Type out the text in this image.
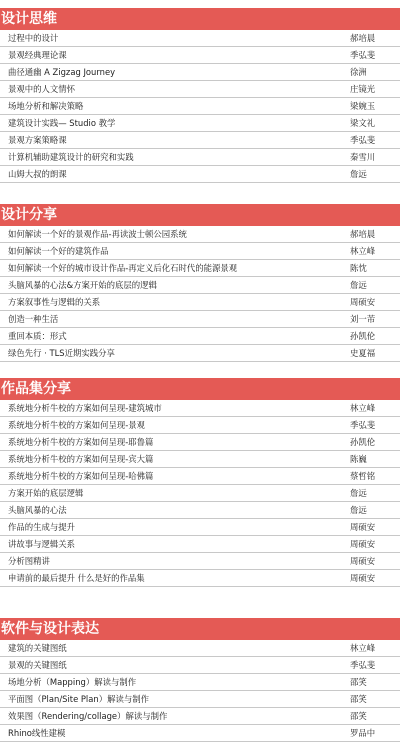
设计思维
过程中的设计	郝培晨
景观经典理论课	季弘斐
曲径通幽 A Zigzag Journey	徐洲
景观中的人文情怀	庄镜光
场地分析和解决策略	梁婉玉
建筑设计实践— Studio 教学	梁文礼
景观方案策略课	季弘斐
计算机辅助建筑设计的研究和实践	秦雪川
山姆大叔的朗课	詹远
设计分享
如何解读一个好的景观作品-再读波士顿公园系统	郝培晨
如何解读一个好的建筑作品	林立峰
如何解读一个好的城市设计作品-再定义后化石时代的能源景观	陈忱
头脑风暴的心法&方案开始的底层的逻辑	詹远
方案叙事性与逻辑的关系	周硕安
创造一种生活	刘一芾
重回本质：形式	孙凯伦
绿色先行 · TLS近期实践分享	史夏福
作品集分享
系统地分析牛校的方案如何呈现-建筑城市	林立峰
系统地分析牛校的方案如何呈现-景观	季弘斐
系统地分析牛校的方案如何呈现-耶鲁篇	孙凯伦
系统地分析牛校的方案如何呈现-宾大篇	陈巍
系统地分析牛校的方案如何呈现-哈佛篇	蔡哲铭
方案开始的底层逻辑	詹远
头脑风暴的心法	詹远
作品的生成与提升	周硕安
讲故事与逻辑关系	周硕安
分析图精讲	周硕安
申请前的最后提升 什么是好的作品集	周硕安
软件与设计表达
建筑的关键图纸	林立峰
景观的关键图纸	季弘斐
场地分析（Mapping）解读与制作	邵笑
平面图（Plan/Site Plan）解读与制作	邵笑
效果图（Rendering/collage）解读与制作	邵笑
Rhino线性建模	罗品中
